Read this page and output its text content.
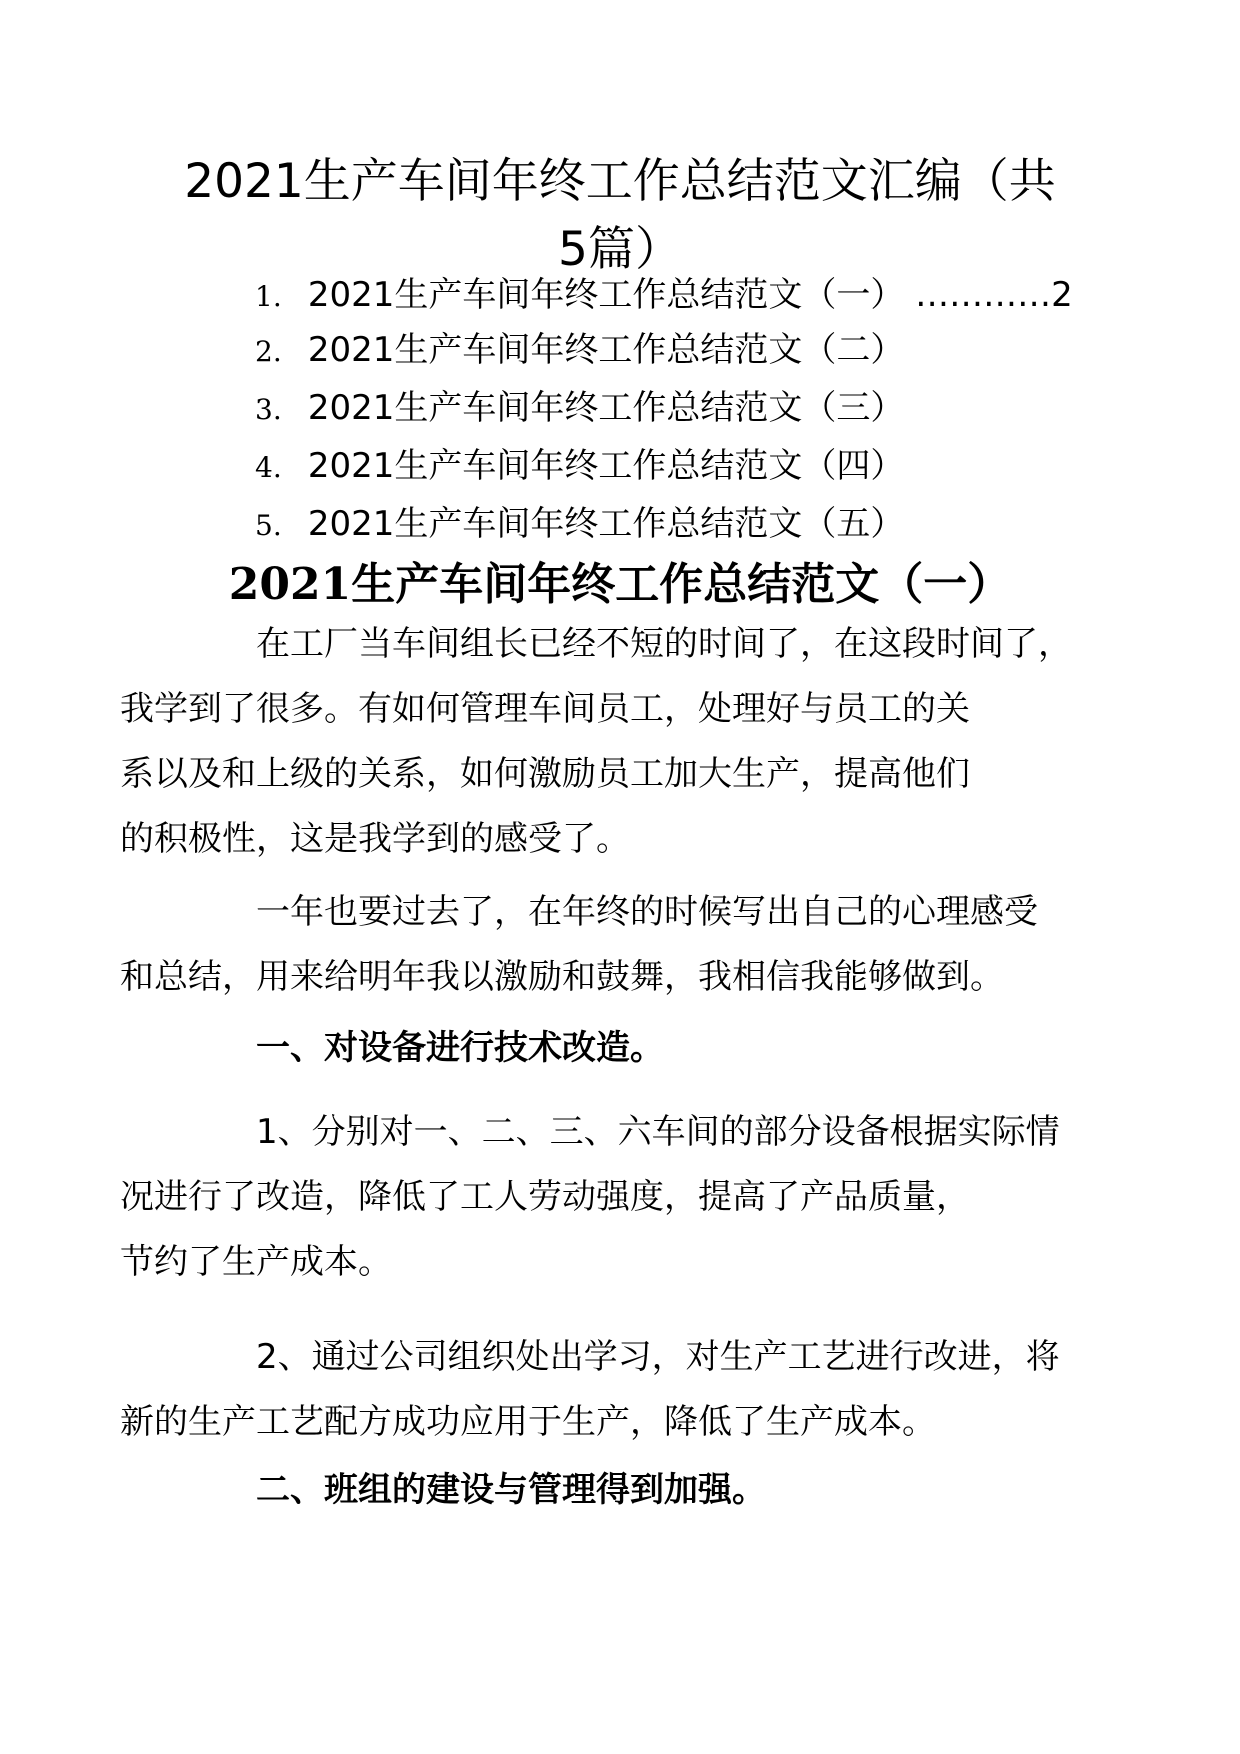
2021生产车间年终工作总结范文汇编（共
5篇）
1. 2021生产车间年终工作总结范文（一） …………2
2. 2021生产车间年终工作总结范文（二）
3. 2021生产车间年终工作总结范文（三）
4. 2021生产车间年终工作总结范文（四）
5. 2021生产车间年终工作总结范文（五）
2021生产车间年终工作总结范文（一）

在工厂当车间组长已经不短的时间了，在这段时间了，
我学到了很多。有如何管理车间员工，处理好与员工的关
系以及和上级的关系，如何激励员工加大生产，提高他们
的积极性，这是我学到的感受了。

一年也要过去了，在年终的时候写出自己的心理感受
和总结，用来给明年我以激励和鼓舞，我相信我能够做到。

一、对设备进行技术改造。

1、分别对一、二、三、六车间的部分设备根据实际情
况进行了改造，降低了工人劳动强度，提高了产品质量，
节约了生产成本。

2、通过公司组织处出学习，对生产工艺进行改进，将
新的生产工艺配方成功应用于生产，降低了生产成本。

二、班组的建设与管理得到加强。
